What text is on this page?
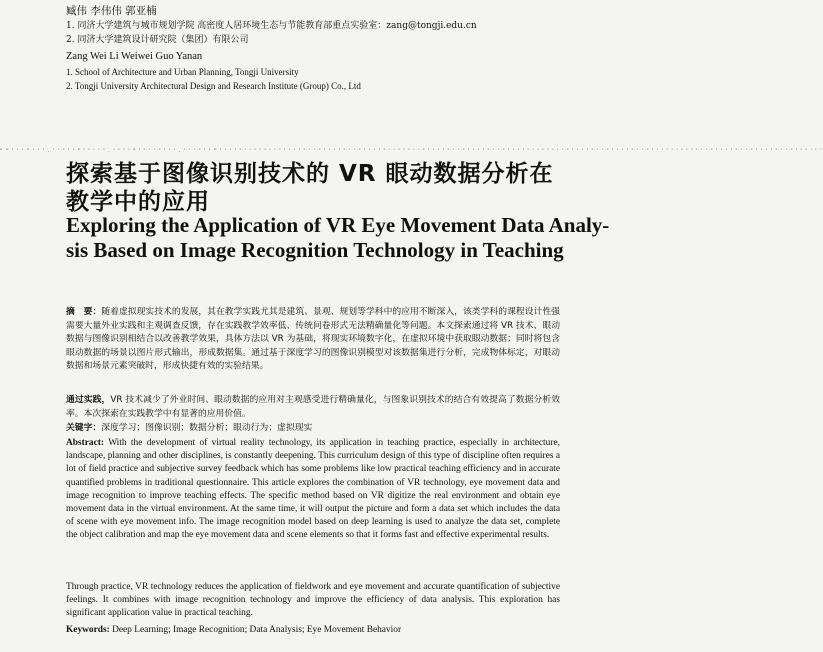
臧伟 李伟伟 郭亚楠
1. 同济大学建筑与城市规划学院 高密度人居环境生态与节能教育部重点实验室：zang@tongji.edu.cn
2. 同济大学建筑设计研究院（集团）有限公司
Zang Wei Li Weiwei Guo Yanan
1. School of Architecture and Urban Planning, Tongji University
2. Tongji University Architectural Design and Research Institute (Group) Co., Ltd
" " ' ' ' " ' ' ' . ' ' ' ' ' " ' ' ' ' ' . ' ' ' ' " ' ' ' ' ' ' ' ' . ' ' ' ' ' ' " ' ' ' ' ' ' ' ' ' ' ' ' ' ' ' ' ' ' ' ' ' ' ' ' ' ' ' ' ' ' ' ' ' ' ' ' ' ' ' ' ' ' ' ' ' ' ' ' ' ' ' ' ' ' ' ' ' ' ' ' ' ' ' ' ' ' ' ' ' ' ' ' ' ' ' ' ' ' ' ' ' ' ' ' ' ' ' ' ' ' ' ' ' ' ' ' ' ' ' ' ' ' ' ' ' ' ' ' ' ' ' ' ' ' ' ' ' ' ' ' ' '
探索基于图像识别技术的 VR 眼动数据分析在
教学中的应用
Exploring the Application of VR Eye Movement Data Analy-
sis Based on Image Recognition Technology in Teaching
摘　要：随着虚拟现实技术的发展，其在教学实践尤其是建筑、景观、规划等学科中的应用不断深入，该类学科的课程设计性强需要大量外业实践和主观调查反馈，存在实践教学效率低、传统问卷形式无法精确量化等问题。本文探索通过将 VR 技术、眼动数据与图像识别相结合以改善教学效果，具体方法以 VR 为基础，将现实环境数字化，在虚拟环境中获取眼动数据；同时将包含眼动数据的场景以图片形式输出，形成数据集。通过基于深度学习的图像识别模型对该数据集进行分析，完成物体标定，对眼动数据和场景元素突破时，形成快捷有效的实验结果。
通过实践，VR 技术减少了外业时间、眼动数据的应用对主观感受进行精确量化，与图象识别技术的结合有效提高了数据分析效率。本次探索在实践教学中有显著的应用价值。
关键字：深度学习；图像识别；数据分析；眼动行为；虚拟现实
Abstract: With the development of virtual reality technology, its application in teaching practice, especially in architecture, landscape, planning and other disciplines, is constantly deepening. This curriculum design of this type of discipline often requires a lot of field practice and subjective survey feedback which has some problems like low practical teaching efficiency and in accurate quantified problems in traditional questionnaire. This article explores the combination of VR technology, eye movement data and image recognition to improve teaching effects. The specific method based on VR digitize the real environment and obtain eye movement data in the virtual environment. At the same time, it will output the picture and form a data set which includes the data of scene with eye movement info. The image recognition model based on deep learning is used to analyze the data set, complete the object calibration and map the eye movement data and scene elements so that it forms fast and effective experimental results.
Through practice, VR technology reduces the application of fieldwork and eye movement and accurate quantification of subjective feelings. It combines with image recognition technology and improve the efficiency of data analysis. This exploration has significant application value in practical teaching.
Keywords: Deep Learning; Image Recognition; Data Analysis; Eye Movement Behavior
